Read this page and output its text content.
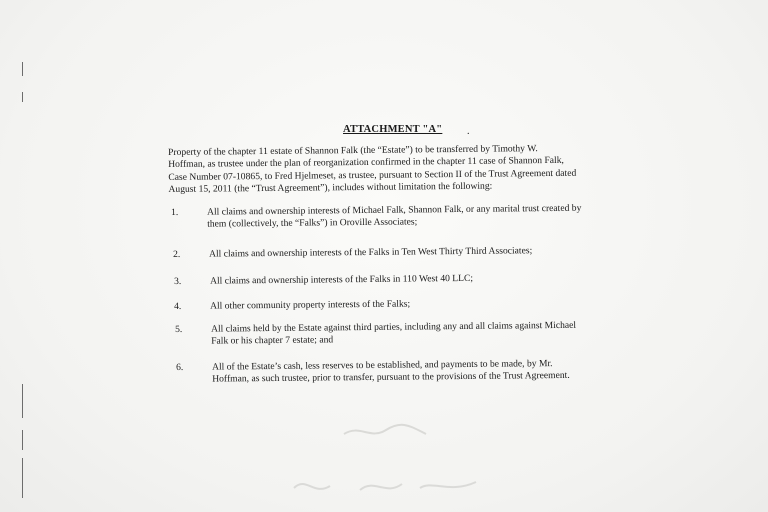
ATTACHMENT "A" .
Property of the chapter 11 estate of Shannon Falk (the “Estate”) to be transferred by Timothy W.
Hoffman, as trustee under the plan of reorganization confirmed in the chapter 11 case of Shannon Falk,
Case Number 07-10865, to Fred Hjelmeset, as trustee, pursuant to Section II of the Trust Agreement dated
August 15, 2011 (the “Trust Agreement”), includes without limitation the following:
1.	All claims and ownership interests of Michael Falk, Shannon Falk, or any marital trust created by
them (collectively, the “Falks”) in Oroville Associates;
2.	All claims and ownership interests of the Falks in Ten West Thirty Third Associates;
3.	All claims and ownership interests of the Falks in 110 West 40 LLC;
4.	All other community property interests of the Falks;
5.	All claims held by the Estate against third parties, including any and all claims against Michael
Falk or his chapter 7 estate; and
6.	All of the Estate’s cash, less reserves to be established, and payments to be made, by Mr.
Hoffman, as such trustee, prior to transfer, pursuant to the provisions of the Trust Agreement.
